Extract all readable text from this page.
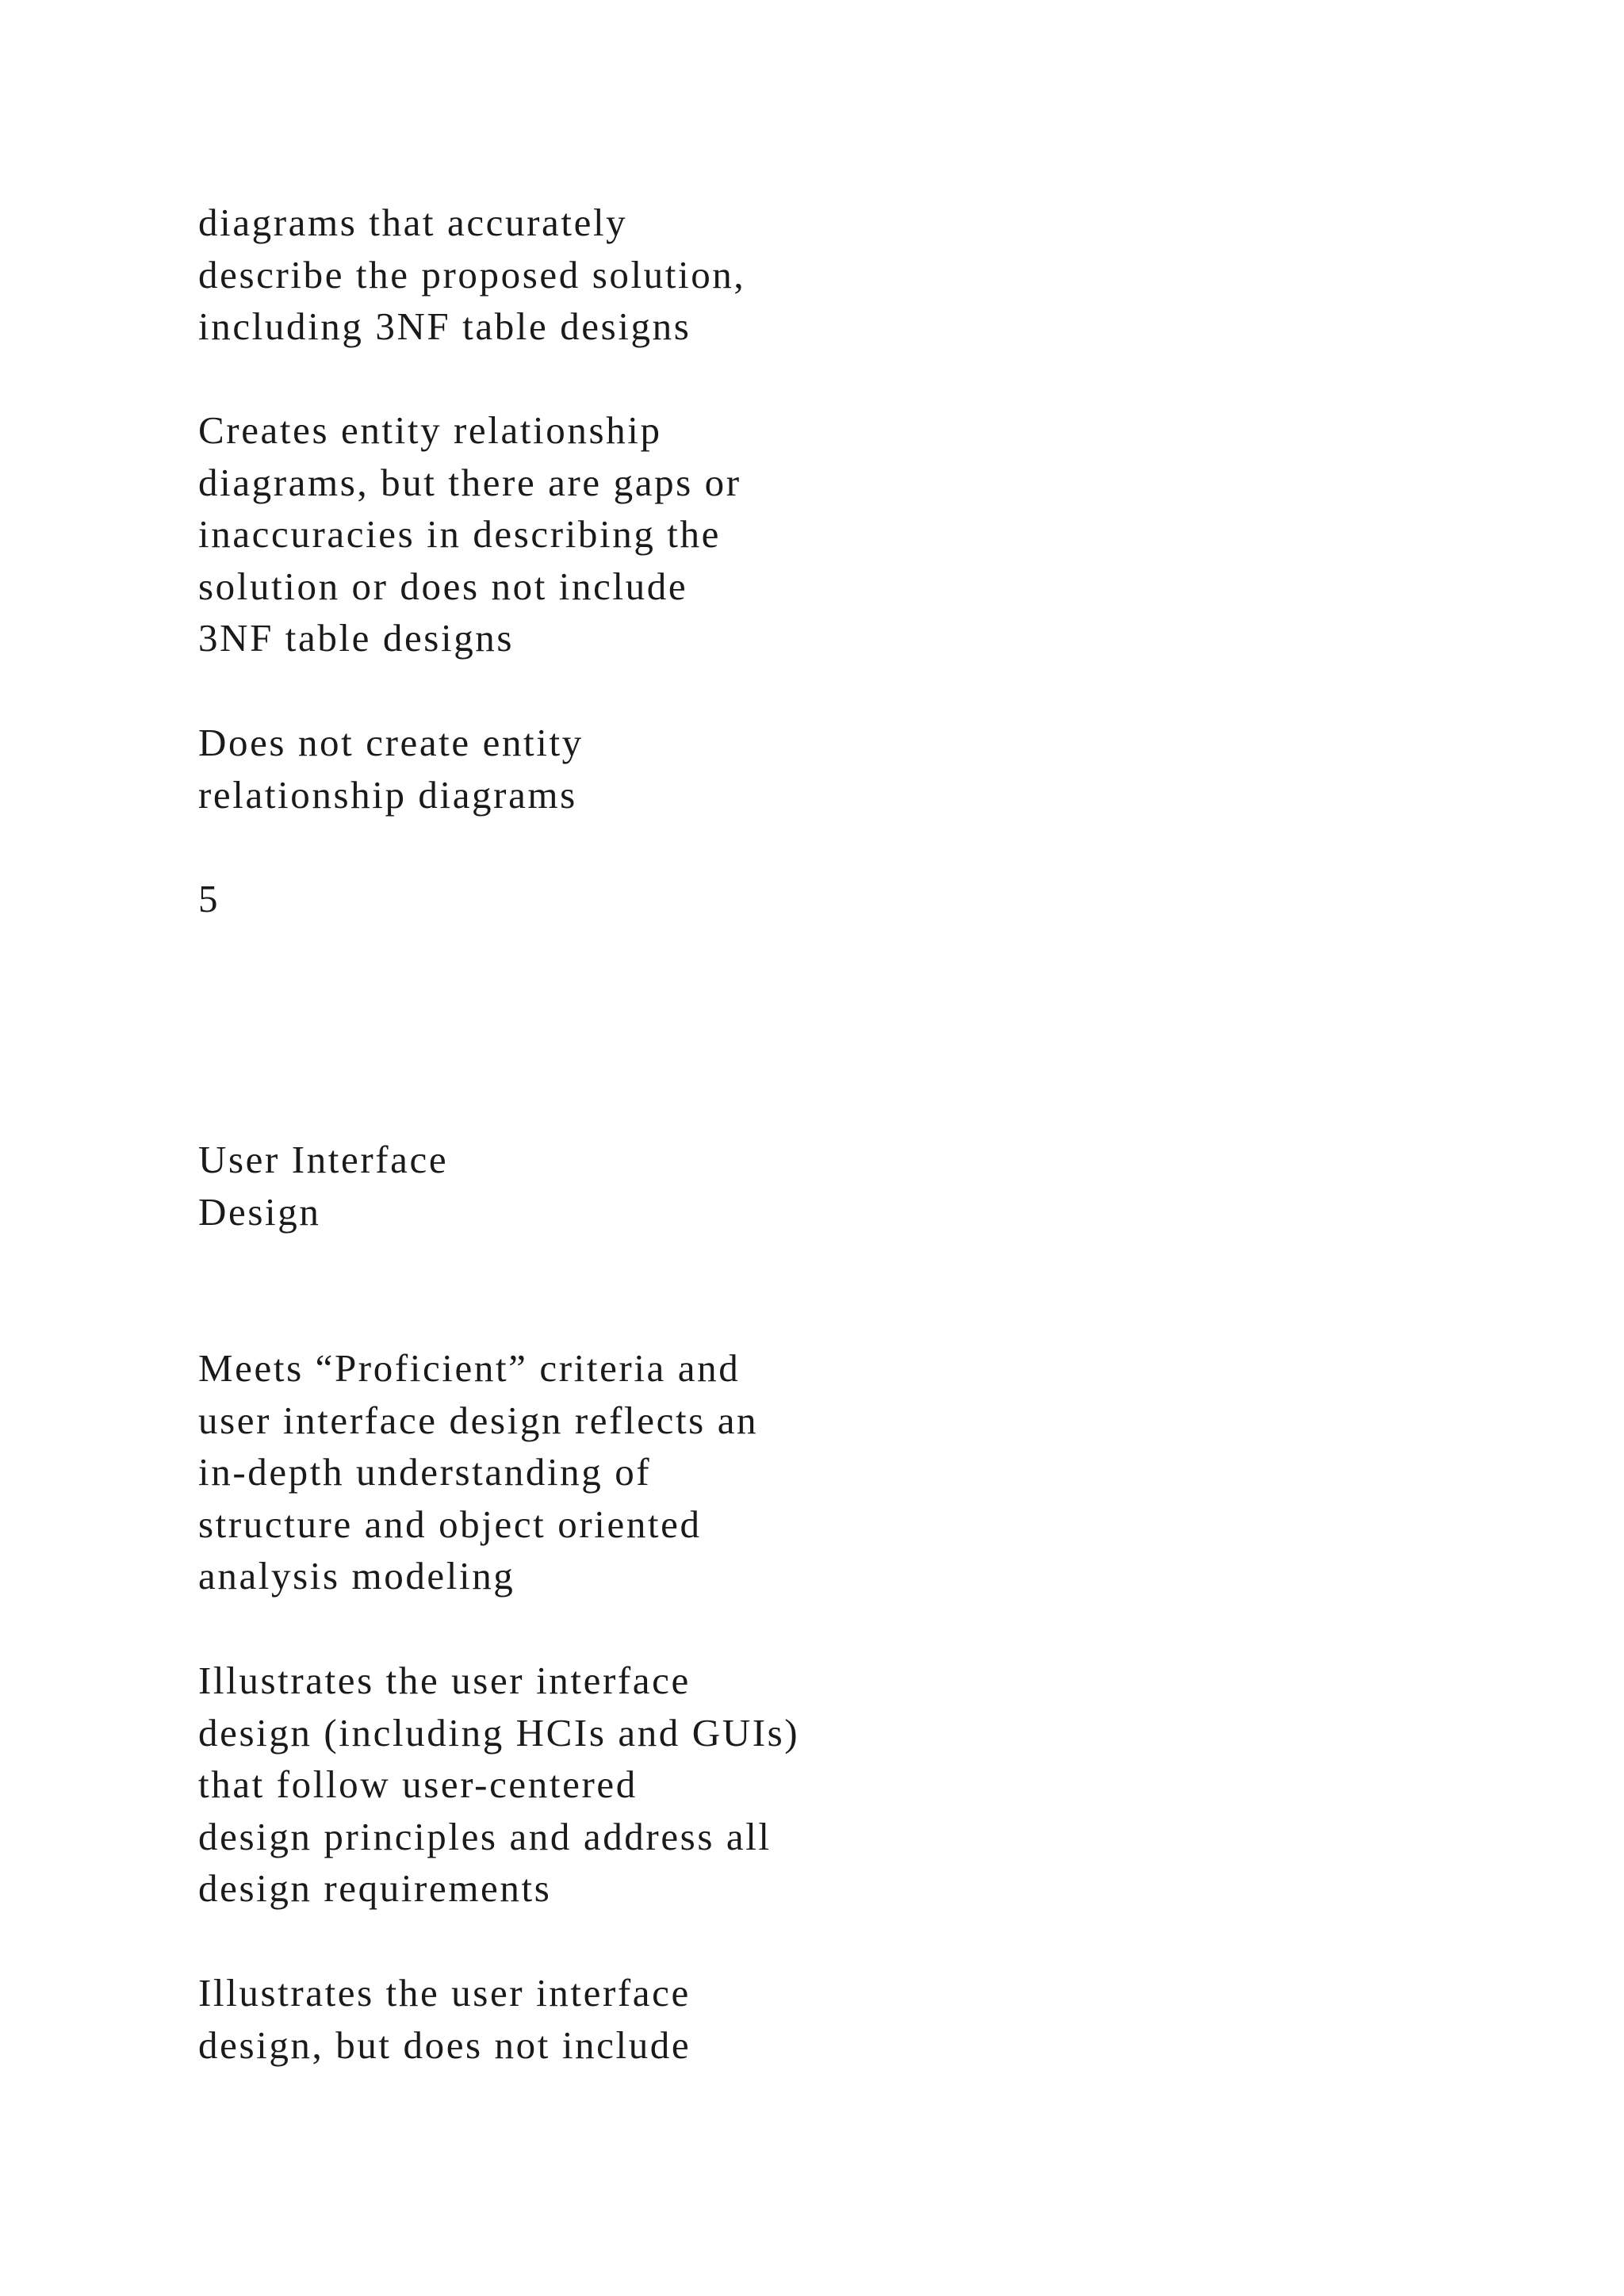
diagrams that accurately
describe the proposed solution,
including 3NF table designs

Creates entity relationship
diagrams, but there are gaps or
inaccuracies in describing the
solution or does not include
3NF table designs

Does not create entity
relationship diagrams

5

User Interface
Design

Meets “Proficient” criteria and
user interface design reflects an
in-depth understanding of
structure and object oriented
analysis modeling

Illustrates the user interface
design (including HCIs and GUIs)
that follow user-centered
design principles and address all
design requirements

Illustrates the user interface
design, but does not include
